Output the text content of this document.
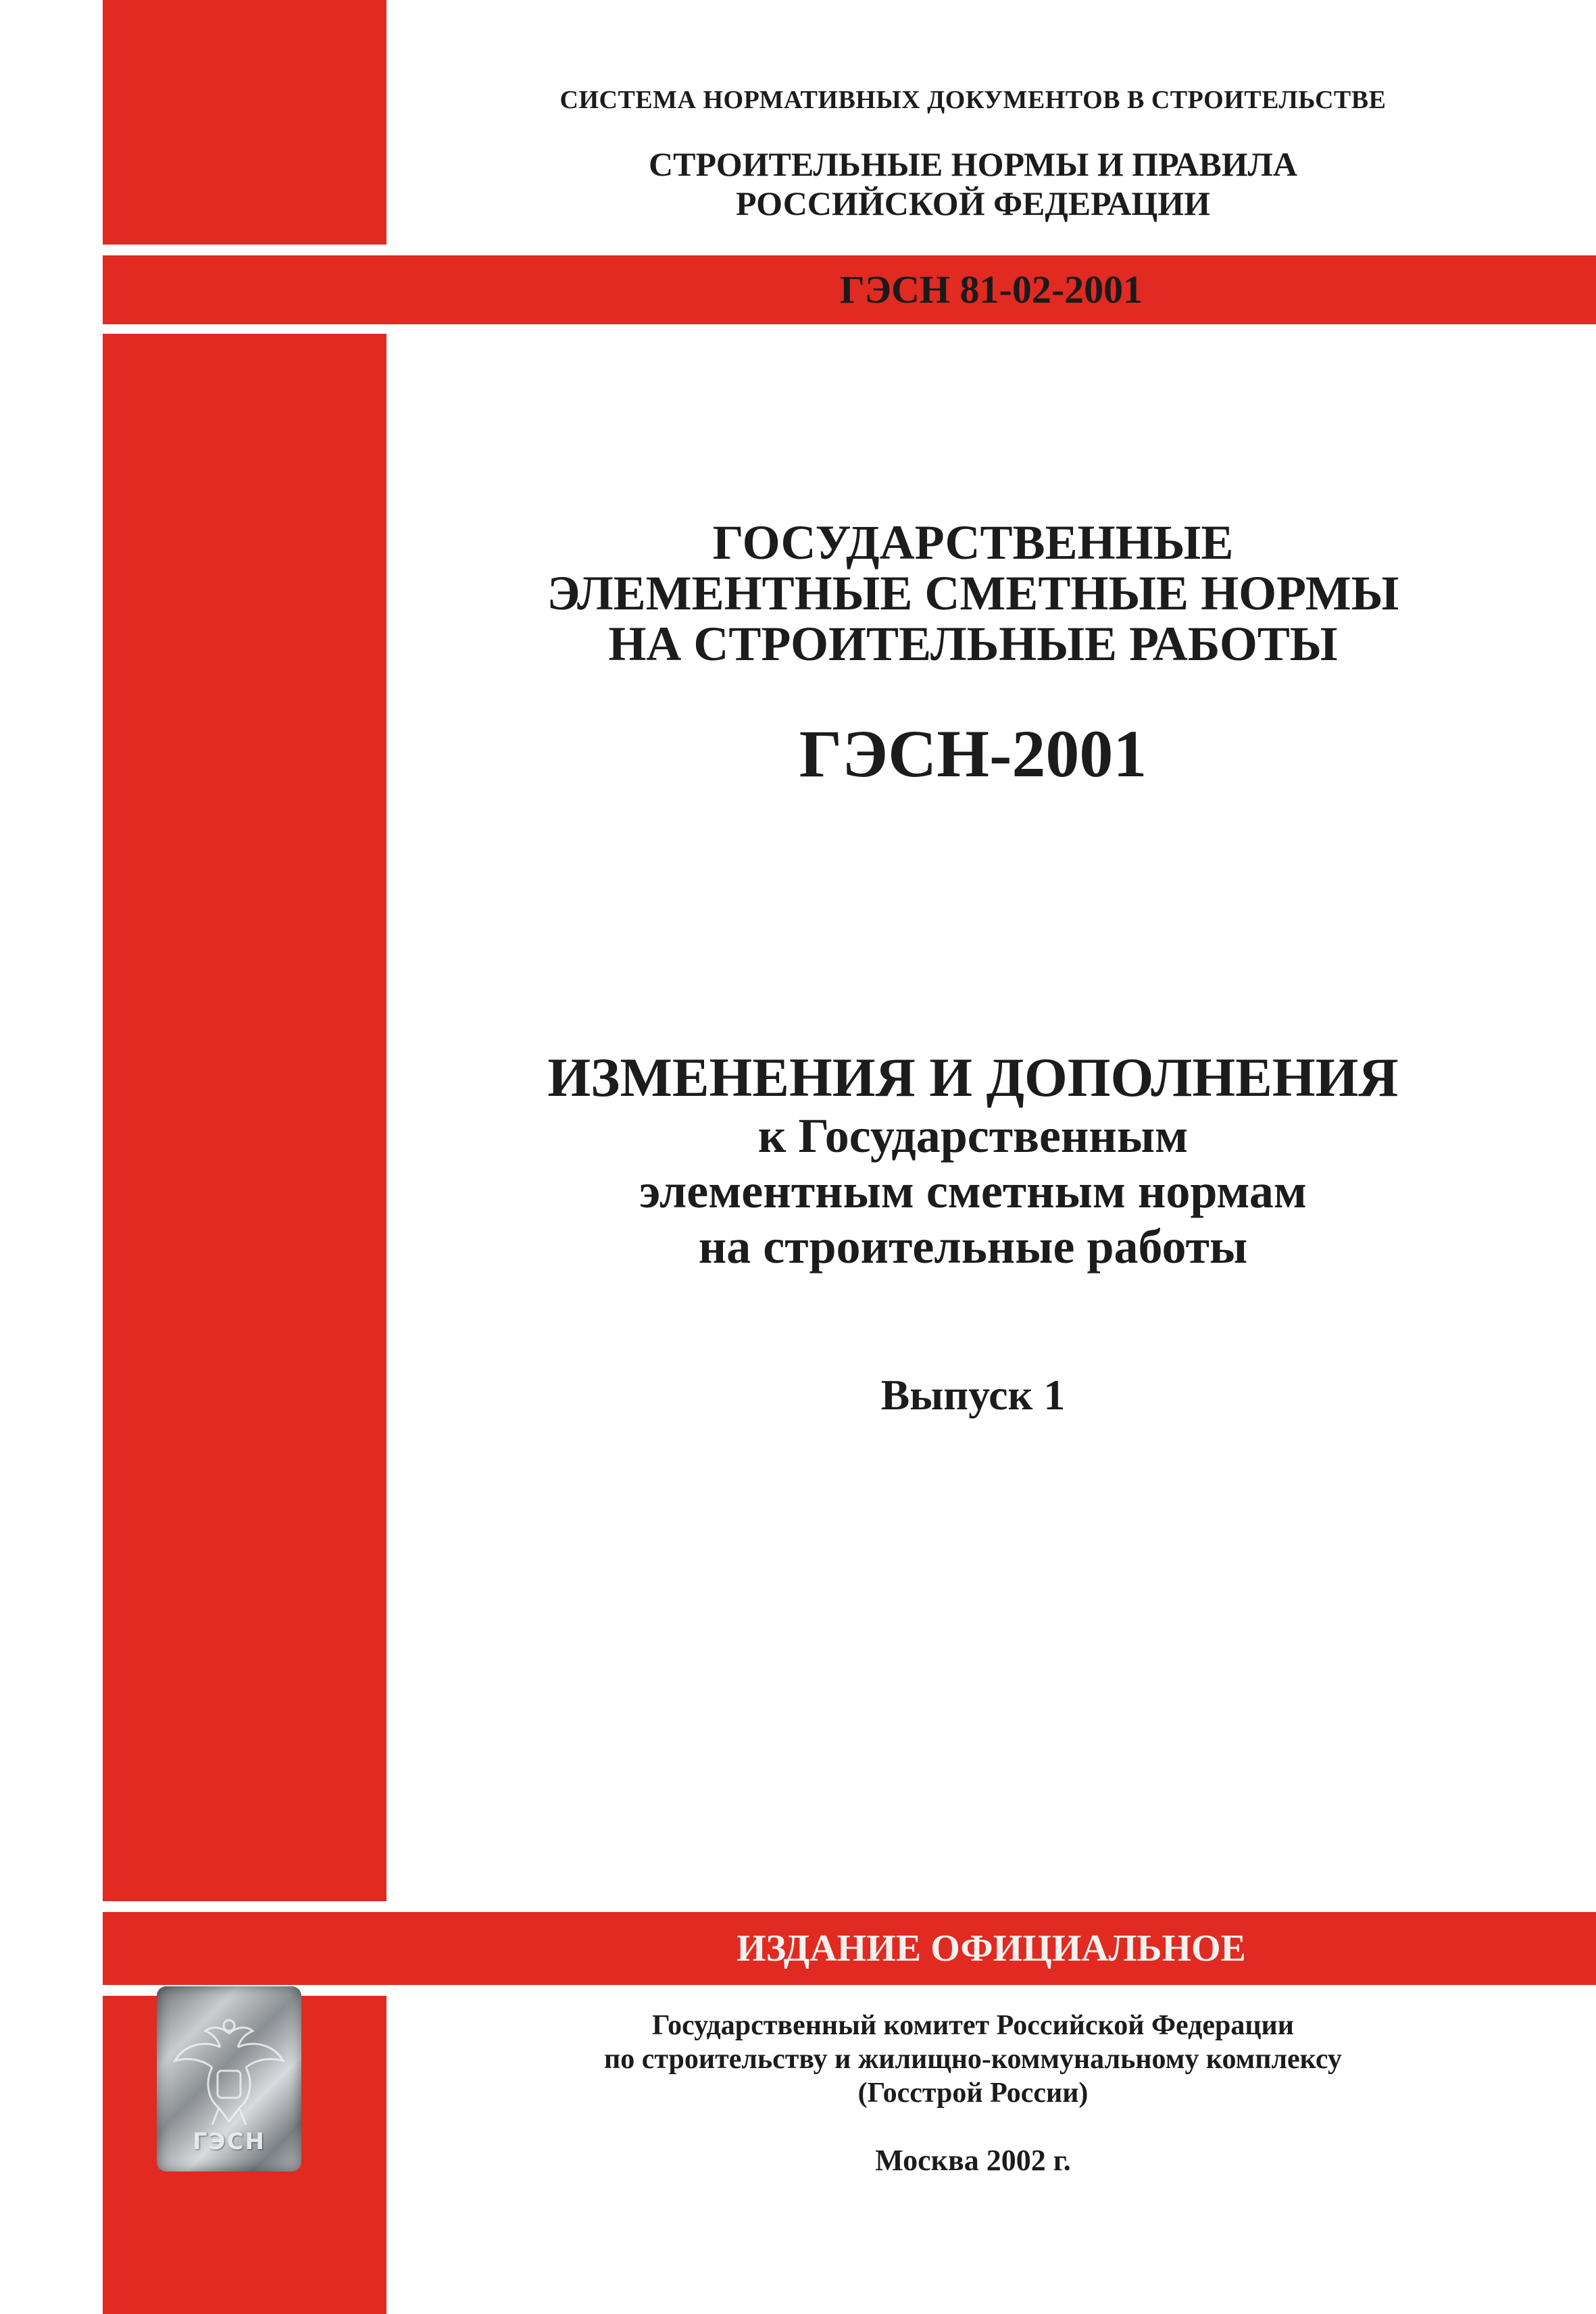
СИСТЕМА НОРМАТИВНЫХ ДОКУМЕНТОВ В СТРОИТЕЛЬСТВЕ
СТРОИТЕЛЬНЫЕ НОРМЫ И ПРАВИЛА
РОССИЙСКОЙ ФЕДЕРАЦИИ
ГЭСН 81-02-2001
ГОСУДАРСТВЕННЫЕ
ЭЛЕМЕНТНЫЕ СМЕТНЫЕ НОРМЫ
НА СТРОИТЕЛЬНЫЕ РАБОТЫ
ГЭСН-2001
ИЗМЕНЕНИЯ И ДОПОЛНЕНИЯ
к Государственным
элементным сметным нормам
на строительные работы
Выпуск 1
ИЗДАНИЕ ОФИЦИАЛЬНОЕ
ГЭСН
Государственный комитет Российской Федерации
по строительству и жилищно-коммунальному комплексу
(Госстрой России)
Москва 2002 г.
